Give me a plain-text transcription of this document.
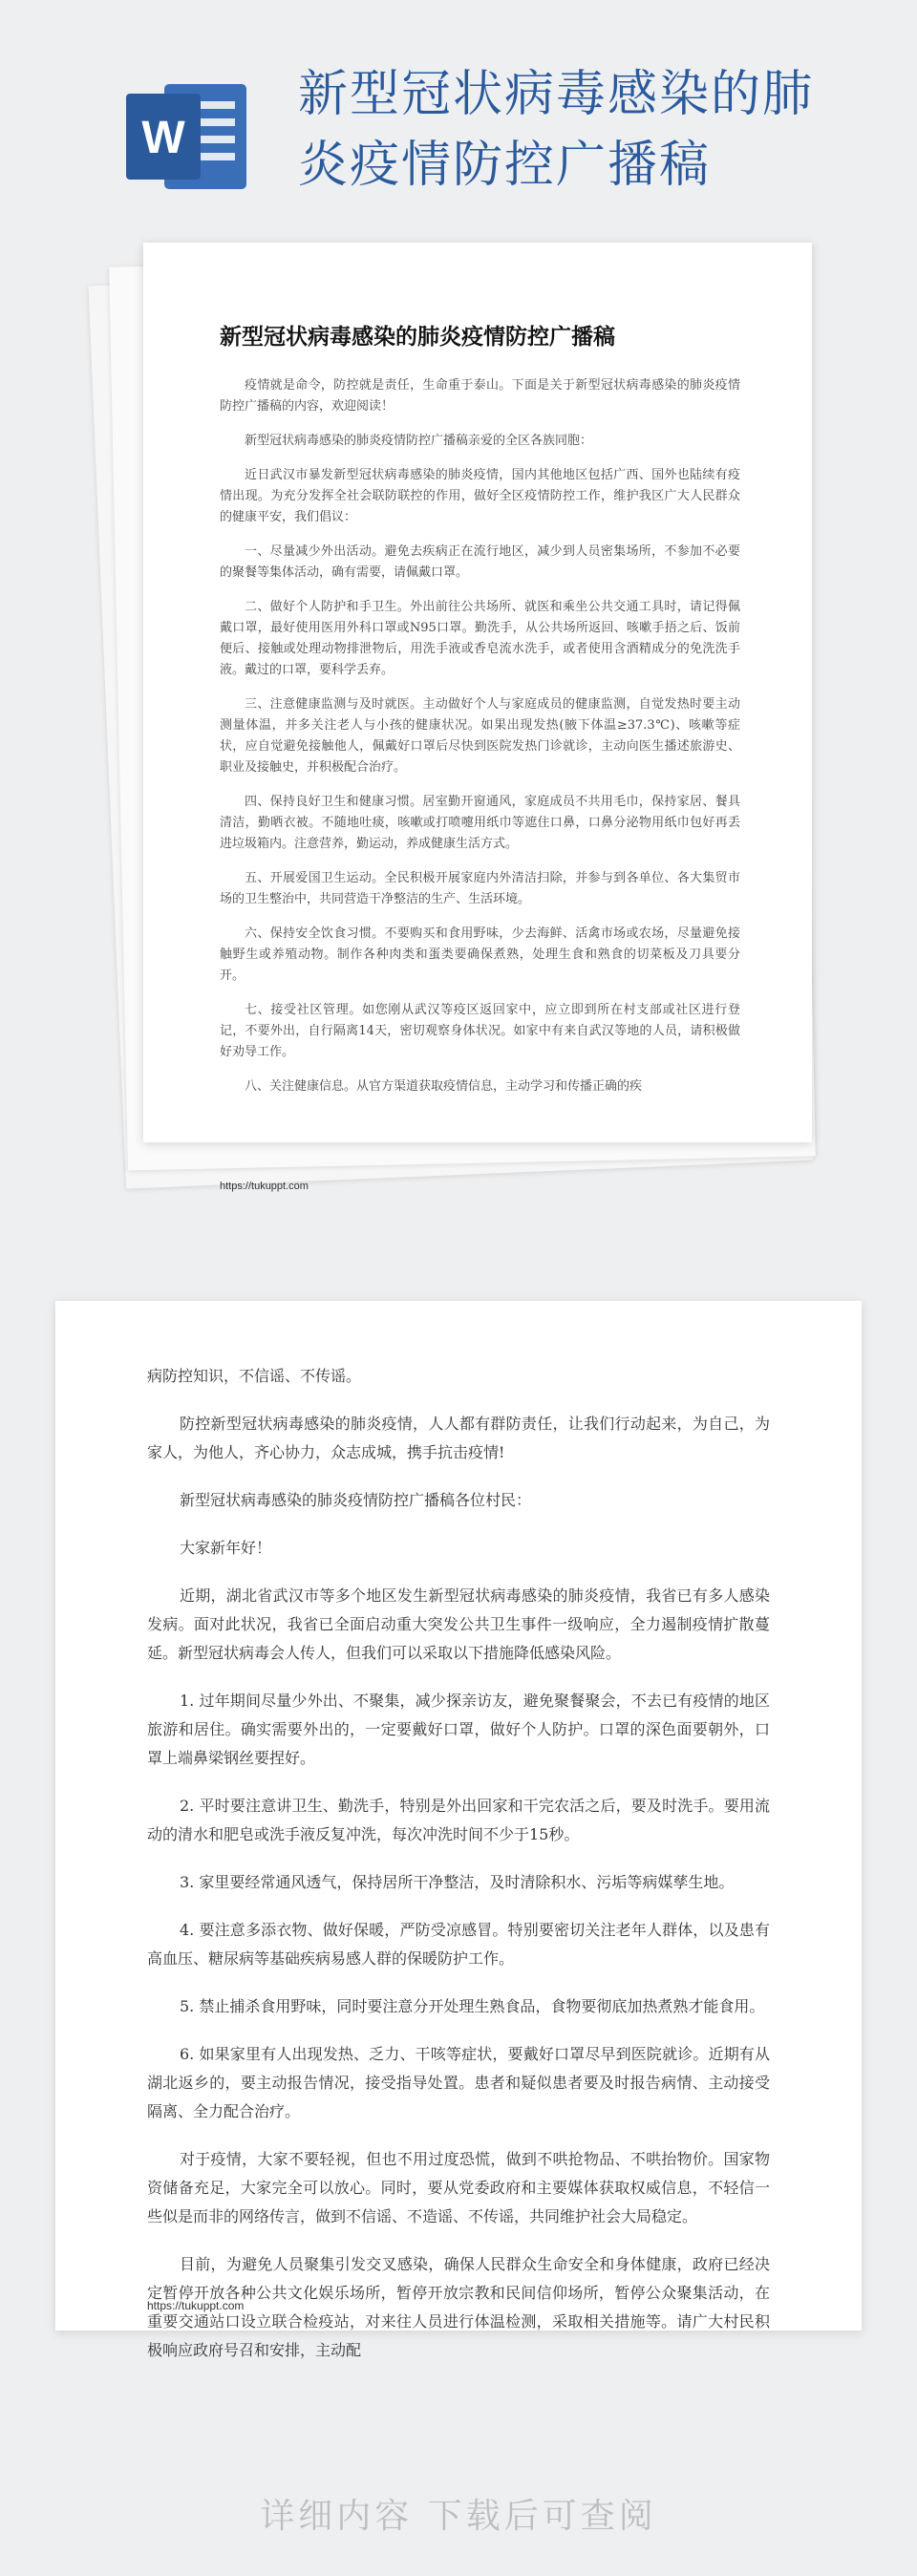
W
新型冠状病毒感染的肺
炎疫情防控广播稿
新型冠状病毒感染的肺炎疫情防控广播稿

疫情就是命令，防控就是责任，生命重于泰山。下面是关于新型冠状病毒感染的肺炎疫情防控广播稿的内容，欢迎阅读！

新型冠状病毒感染的肺炎疫情防控广播稿亲爱的全区各族同胞：

近日武汉市暴发新型冠状病毒感染的肺炎疫情，国内其他地区包括广西、国外也陆续有疫情出现。为充分发挥全社会联防联控的作用，做好全区疫情防控工作，维护我区广大人民群众的健康平安，我们倡议：

一、尽量减少外出活动。避免去疾病正在流行地区，减少到人员密集场所，不参加不必要的聚餐等集体活动，确有需要，请佩戴口罩。

二、做好个人防护和手卫生。外出前往公共场所、就医和乘坐公共交通工具时，请记得佩戴口罩，最好使用医用外科口罩或N95口罩。勤洗手，从公共场所返回、咳嗽手捂之后、饭前便后、接触或处理动物排泄物后，用洗手液或香皂流水洗手，或者使用含酒精成分的免洗洗手液。戴过的口罩，要科学丢弃。

三、注意健康监测与及时就医。主动做好个人与家庭成员的健康监测，自觉发热时要主动测量体温，并多关注老人与小孩的健康状况。如果出现发热(腋下体温≥37.3℃)、咳嗽等症状，应自觉避免接触他人，佩戴好口罩后尽快到医院发热门诊就诊，主动向医生播述旅游史、职业及接触史，并积极配合治疗。

四、保持良好卫生和健康习惯。居室勤开窗通风，家庭成员不共用毛巾，保持家居、餐具清洁，勤晒衣被。不随地吐痰，咳嗽或打喷嚏用纸巾等遮住口鼻，口鼻分泌物用纸巾包好再丢进垃圾箱内。注意营养，勤运动，养成健康生活方式。

五、开展爱国卫生运动。全民积极开展家庭内外清洁扫除，并参与到各单位、各大集贸市场的卫生整治中，共同营造干净整洁的生产、生活环境。

六、保持安全饮食习惯。不要购买和食用野味，少去海鲜、活禽市场或农场，尽量避免接触野生或养殖动物。制作各种肉类和蛋类要确保煮熟，处理生食和熟食的切菜板及刀具要分开。

七、接受社区管理。如您刚从武汉等疫区返回家中，应立即到所在村支部或社区进行登记，不要外出，自行隔离14天，密切观察身体状况。如家中有来自武汉等地的人员，请积极做好劝导工作。

八、关注健康信息。从官方渠道获取疫情信息，主动学习和传播正确的疾

https://tukuppt.com

病防控知识，不信谣、不传谣。

防控新型冠状病毒感染的肺炎疫情，人人都有群防责任，让我们行动起来，为自己，为家人，为他人，齐心协力，众志成城，携手抗击疫情!

新型冠状病毒感染的肺炎疫情防控广播稿各位村民：

大家新年好！

近期，湖北省武汉市等多个地区发生新型冠状病毒感染的肺炎疫情，我省已有多人感染发病。面对此状况，我省已全面启动重大突发公共卫生事件一级响应，全力遏制疫情扩散蔓延。新型冠状病毒会人传人，但我们可以采取以下措施降低感染风险。

1. 过年期间尽量少外出、不聚集，减少探亲访友，避免聚餐聚会，不去已有疫情的地区旅游和居住。确实需要外出的，一定要戴好口罩，做好个人防护。口罩的深色面要朝外，口罩上端鼻梁钢丝要捏好。

2. 平时要注意讲卫生、勤洗手，特别是外出回家和干完农活之后，要及时洗手。要用流动的清水和肥皂或洗手液反复冲洗，每次冲洗时间不少于15秒。

3. 家里要经常通风透气，保持居所干净整洁，及时清除积水、污垢等病媒孳生地。

4. 要注意多添衣物、做好保暖，严防受凉感冒。特别要密切关注老年人群体，以及患有高血压、糖尿病等基础疾病易感人群的保暖防护工作。

5. 禁止捕杀食用野味，同时要注意分开处理生熟食品，食物要彻底加热煮熟才能食用。

6. 如果家里有人出现发热、乏力、干咳等症状，要戴好口罩尽早到医院就诊。近期有从湖北返乡的，要主动报告情况，接受指导处置。患者和疑似患者要及时报告病情、主动接受隔离、全力配合治疗。

对于疫情，大家不要轻视，但也不用过度恐慌，做到不哄抢物品、不哄抬物价。国家物资储备充足，大家完全可以放心。同时，要从党委政府和主要媒体获取权威信息，不轻信一些似是而非的网络传言，做到不信谣、不造谣、不传谣，共同维护社会大局稳定。

目前，为避免人员聚集引发交叉感染，确保人民群众生命安全和身体健康，政府已经决定暂停开放各种公共文化娱乐场所，暂停开放宗教和民间信仰场所，暂停公众聚集活动，在重要交通站口设立联合检疫站，对来往人员进行体温检测，采取相关措施等。请广大村民积极响应政府号召和安排，主动配

https://tukuppt.com
详细内容 下载后可查阅
